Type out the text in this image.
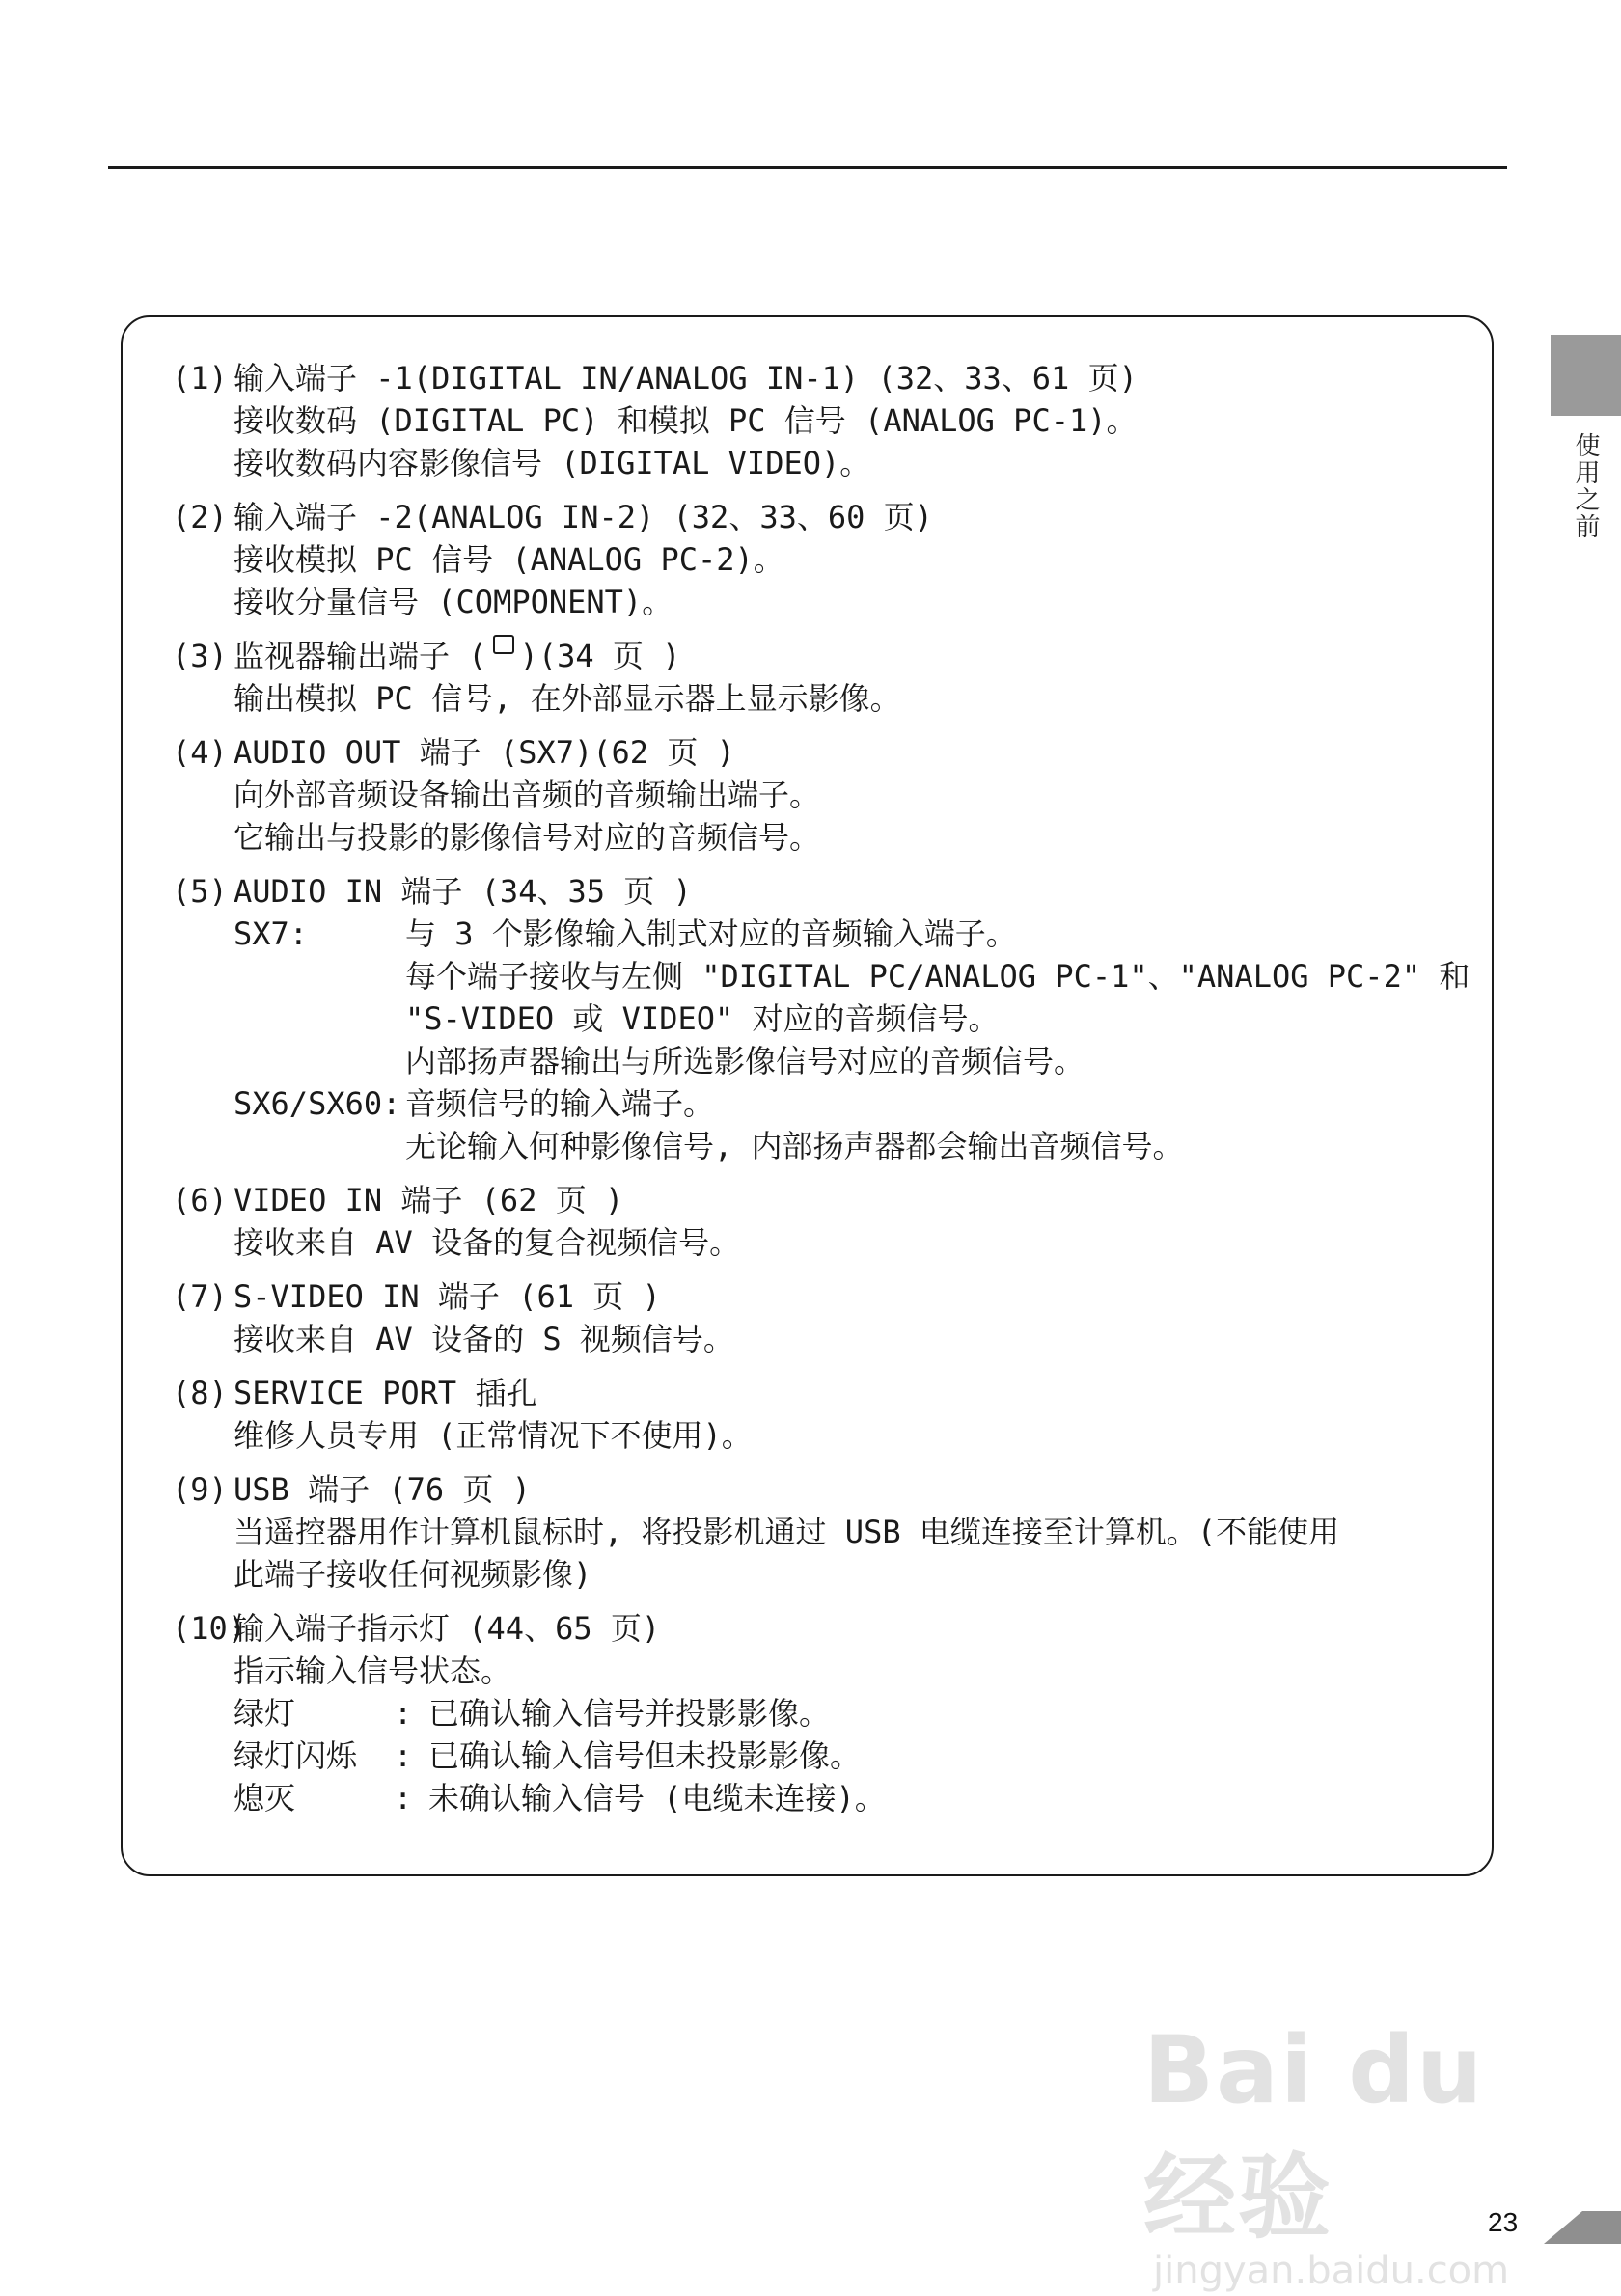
使用之前
(1) 输入端子 -1(DIGITAL IN/ANALOG IN-1) (32、33、61 页)
接收数码 (DIGITAL PC) 和模拟 PC 信号 (ANALOG PC-1)。
接收数码内容影像信号 (DIGITAL VIDEO)。
(2) 输入端子 -2(ANALOG IN-2) (32、33、60 页)
接收模拟 PC 信号 (ANALOG PC-2)。
接收分量信号 (COMPONENT)。
(3) 监视器输出端子 ( )(34 页 )
输出模拟 PC 信号, 在外部显示器上显示影像。
(4) AUDIO OUT 端子 (SX7)(62 页 )
向外部音频设备输出音频的音频输出端子。
它输出与投影的影像信号对应的音频信号。
(5) AUDIO IN 端子 (34、35 页 )
SX7:	与 3 个影像输入制式对应的音频输入端子。
每个端子接收与左侧 "DIGITAL PC/ANALOG PC-1"、"ANALOG PC-2" 和
"S-VIDEO 或 VIDEO" 对应的音频信号。
内部扬声器输出与所选影像信号对应的音频信号。
SX6/SX60: 音频信号的输入端子。
无论输入何种影像信号, 内部扬声器都会输出音频信号。
(6) VIDEO IN 端子 (62 页 )
接收来自 AV 设备的复合视频信号。
(7) S-VIDEO IN 端子 (61 页 )
接收来自 AV 设备的 S 视频信号。
(8) SERVICE PORT 插孔
维修人员专用 (正常情况下不使用)。
(9) USB 端子 (76 页 )
当遥控器用作计算机鼠标时, 将投影机通过 USB 电缆连接至计算机。(不能使用
此端子接收任何视频影像)
(10)
输入端子指示灯 (44、65 页)
指示输入信号状态。
绿灯	: 已确认输入信号并投影影像。
绿灯闪烁	: 已确认输入信号但未投影影像。
熄灭	: 未确认输入信号 (电缆未连接)。
Bai du 经验
jingyan.baidu.com
23
